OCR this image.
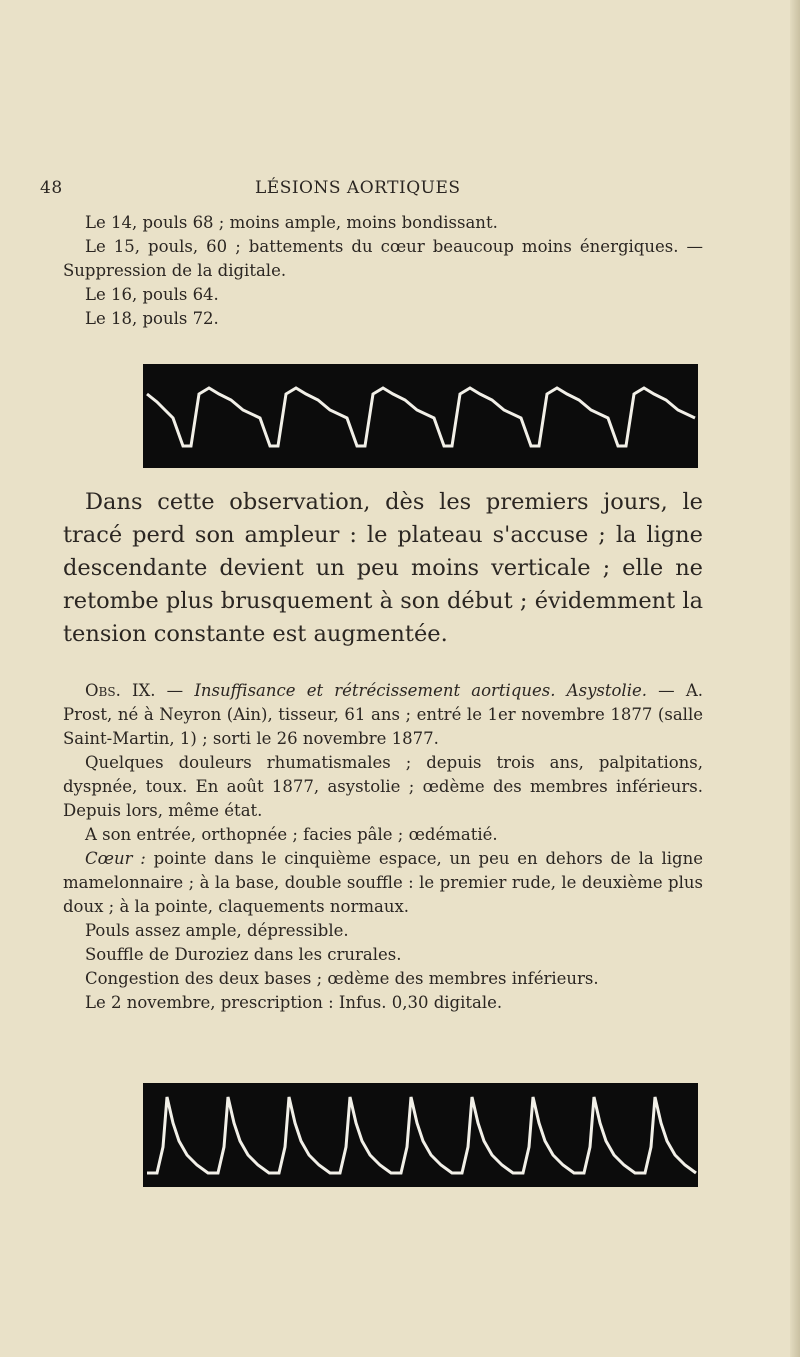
48	LÉSIONS AORTIQUES

Le 14, pouls 68 ; moins ample, moins bondissant.

Le 15, pouls, 60 ; battements du cœur beaucoup moins énergiques. — Suppression de la digitale.

Le 16, pouls 64.

Le 18, pouls 72.

Dans cette observation, dès les premiers jours, le tracé perd son ampleur : le plateau s'accuse ; la ligne descendante devient un peu moins verticale ; elle ne retombe plus brusquement à son début ; évidemment la tension constante est augmentée.

Obs. IX. — Insuffisance et rétrécissement aortiques. Asystolie. — A. Prost, né à Neyron (Ain), tisseur, 61 ans ; entré le 1er novembre 1877 (salle Saint-Martin, 1) ; sorti le 26 novembre 1877.

Quelques douleurs rhumatismales ; depuis trois ans, palpitations, dyspnée, toux. En août 1877, asystolie ; œdème des membres inférieurs. Depuis lors, même état.

A son entrée, orthopnée ; facies pâle ; œdématié.

Cœur : pointe dans le cinquième espace, un peu en dehors de la ligne mamelonnaire ; à la base, double souffle : le premier rude, le deuxième plus doux ; à la pointe, claquements normaux.

Pouls assez ample, dépressible.

Souffle de Duroziez dans les crurales.

Congestion des deux bases ; œdème des membres inférieurs.

Le 2 novembre, prescription : Infus. 0,30 digitale.
